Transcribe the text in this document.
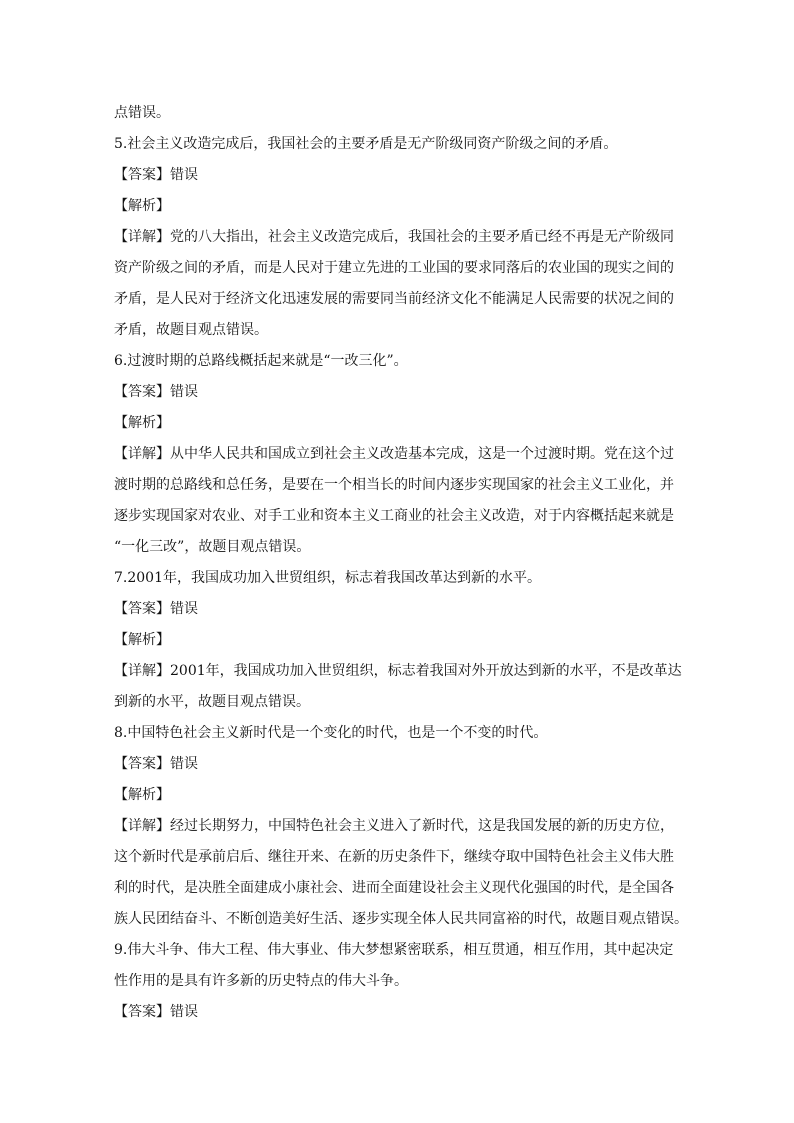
点错误。
5.社会主义改造完成后，我国社会的主要矛盾是无产阶级同资产阶级之间的矛盾。
【答案】错误
【解析】
【详解】党的八大指出，社会主义改造完成后，我国社会的主要矛盾已经不再是无产阶级同
资产阶级之间的矛盾，而是人民对于建立先进的工业国的要求同落后的农业国的现实之间的
矛盾，是人民对于经济文化迅速发展的需要同当前经济文化不能满足人民需要的状况之间的
矛盾，故题目观点错误。
6.过渡时期的总路线概括起来就是“一改三化”。
【答案】错误
【解析】
【详解】从中华人民共和国成立到社会主义改造基本完成，这是一个过渡时期。党在这个过
渡时期的总路线和总任务，是要在一个相当长的时间内逐步实现国家的社会主义工业化，并
逐步实现国家对农业、对手工业和资本主义工商业的社会主义改造，对于内容概括起来就是
“一化三改”，故题目观点错误。
7.2001年，我国成功加入世贸组织，标志着我国改革达到新的水平。
【答案】错误
【解析】
【详解】2001年，我国成功加入世贸组织，标志着我国对外开放达到新的水平，不是改革达
到新的水平，故题目观点错误。
8.中国特色社会主义新时代是一个变化的时代，也是一个不变的时代。
【答案】错误
【解析】
【详解】经过长期努力，中国特色社会主义进入了新时代，这是我国发展的新的历史方位，
这个新时代是承前启后、继往开来、在新的历史条件下，继续夺取中国特色社会主义伟大胜
利的时代，是决胜全面建成小康社会、进而全面建设社会主义现代化强国的时代，是全国各
族人民团结奋斗、不断创造美好生活、逐步实现全体人民共同富裕的时代，故题目观点错误。
9.伟大斗争、伟大工程、伟大事业、伟大梦想紧密联系，相互贯通，相互作用，其中起决定
性作用的是具有许多新的历史特点的伟大斗争。
【答案】错误
